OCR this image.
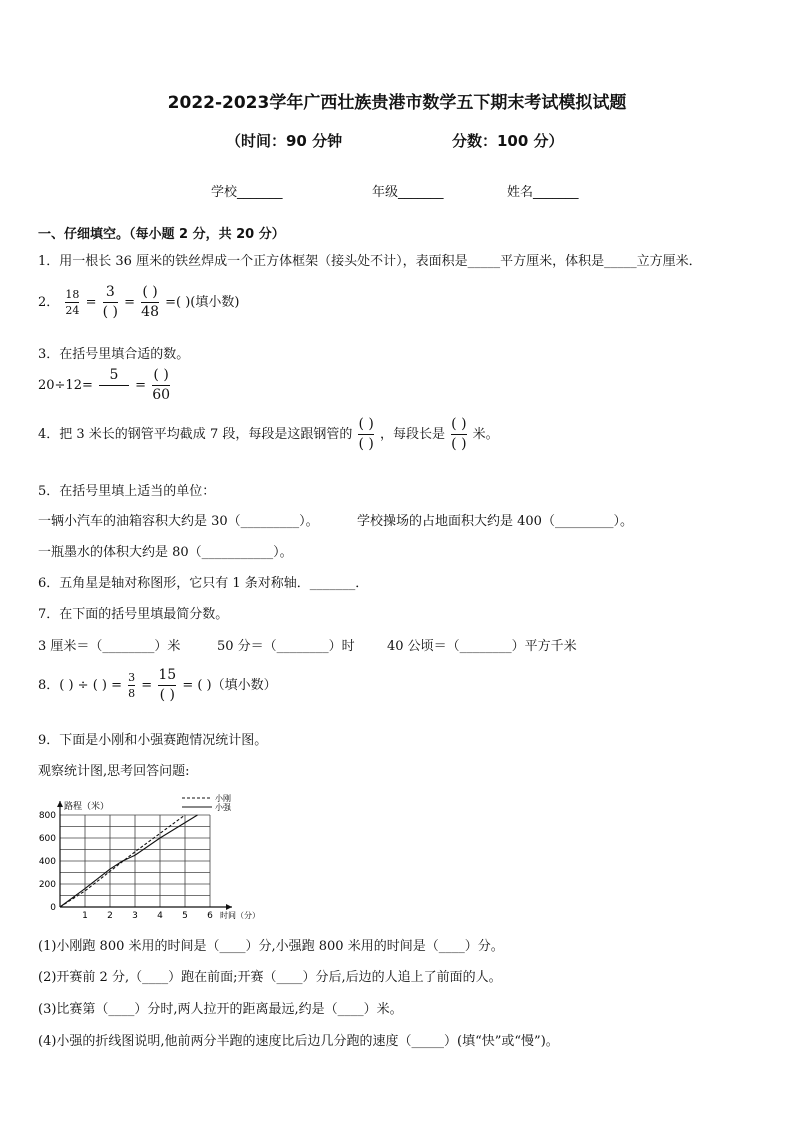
2022-2023学年广西壮族贵港市数学五下期末考试模拟试题
（时间：90 分钟	分数：100 分）
学校_______	年级_______	姓名_______
一、仔细填空。（每小题 2 分，共 20 分）
1．用一根长 36 厘米的铁丝焊成一个正方体框架（接头处不计），表面积是_____平方厘米，体积是_____立方厘米．
2． $\frac{18}{24} = \frac{3}{( )} = \frac{( )}{48}$ =( )(填小数)
3．在括号里填合适的数。
20÷12=
5

= $\frac{( )}{60}$
4．把 3 米长的钢管平均截成 7 段，每段是这跟钢管的 $\frac{( )}{( )}$ ，每段长是 $\frac{( )}{( )}$ 米。
5．在括号里填上适当的单位：
一辆小汽车的油箱容积大约是 30（_________）。	学校操场的占地面积大约是 400（_________）。
一瓶墨水的体积大约是 80（___________）。
6．五角星是轴对称图形，它只有 1 条对称轴．_______．
7．在下面的括号里填最简分数。
3 厘米＝（________）米	50 分＝（________）时 40 公顷＝（________）平方千米
8．( ) ÷ ( ) = $\frac{3}{8} = \frac{15}{( )}$ = ( )（填小数）
9．下面是小刚和小强赛跑情况统计图。
观察统计图,思考回答问题:
1 2 3 4 5 6
0
200
400
600
800
路程（米）
时间（分）
小刚
小强
(1)小刚跑 800 米用的时间是（____）分,小强跑 800 米用的时间是（____）分。
(2)开赛前 2 分,（____）跑在前面;开赛（____）分后,后边的人追上了前面的人。
(3)比赛第（____）分时,两人拉开的距离最远,约是（____）米。
(4)小强的折线图说明,他前两分半跑的速度比后边几分跑的速度（_____）(填“快”或“慢”)。
